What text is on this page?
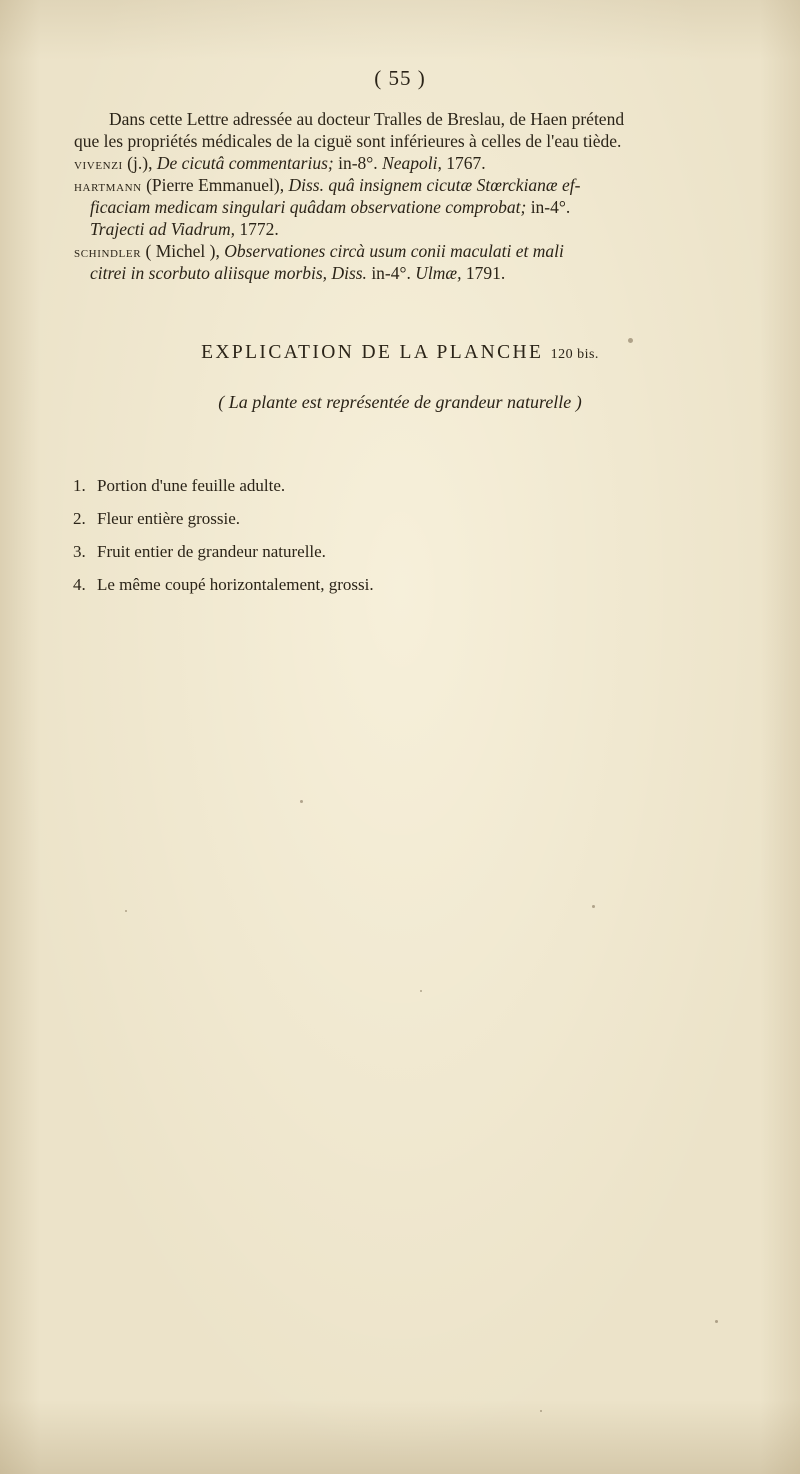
( 55 )
Dans cette Lettre adressée au docteur Tralles de Breslau, de Haen prétend
que les propriétés médicales de la ciguë sont inférieures à celles de l'eau tiède.
vivenzi (j.), De cicutâ commentarius; in-8°. Neapoli, 1767.
hartmann (Pierre Emmanuel), Diss. quâ insignem cicutæ Stœrckianæ ef-
ficaciam medicam singulari quâdam observatione comprobat; in-4°.
Trajecti ad Viadrum, 1772.
schindler ( Michel ), Observationes circà usum conii maculati et mali
citrei in scorbuto aliisque morbis, Diss. in-4°. Ulmæ, 1791.
EXPLICATION DE LA PLANCHE 120 bis.
( La plante est représentée de grandeur naturelle )
1. Portion d'une feuille adulte.
2. Fleur entière grossie.
3. Fruit entier de grandeur naturelle.
4. Le même coupé horizontalement, grossi.
